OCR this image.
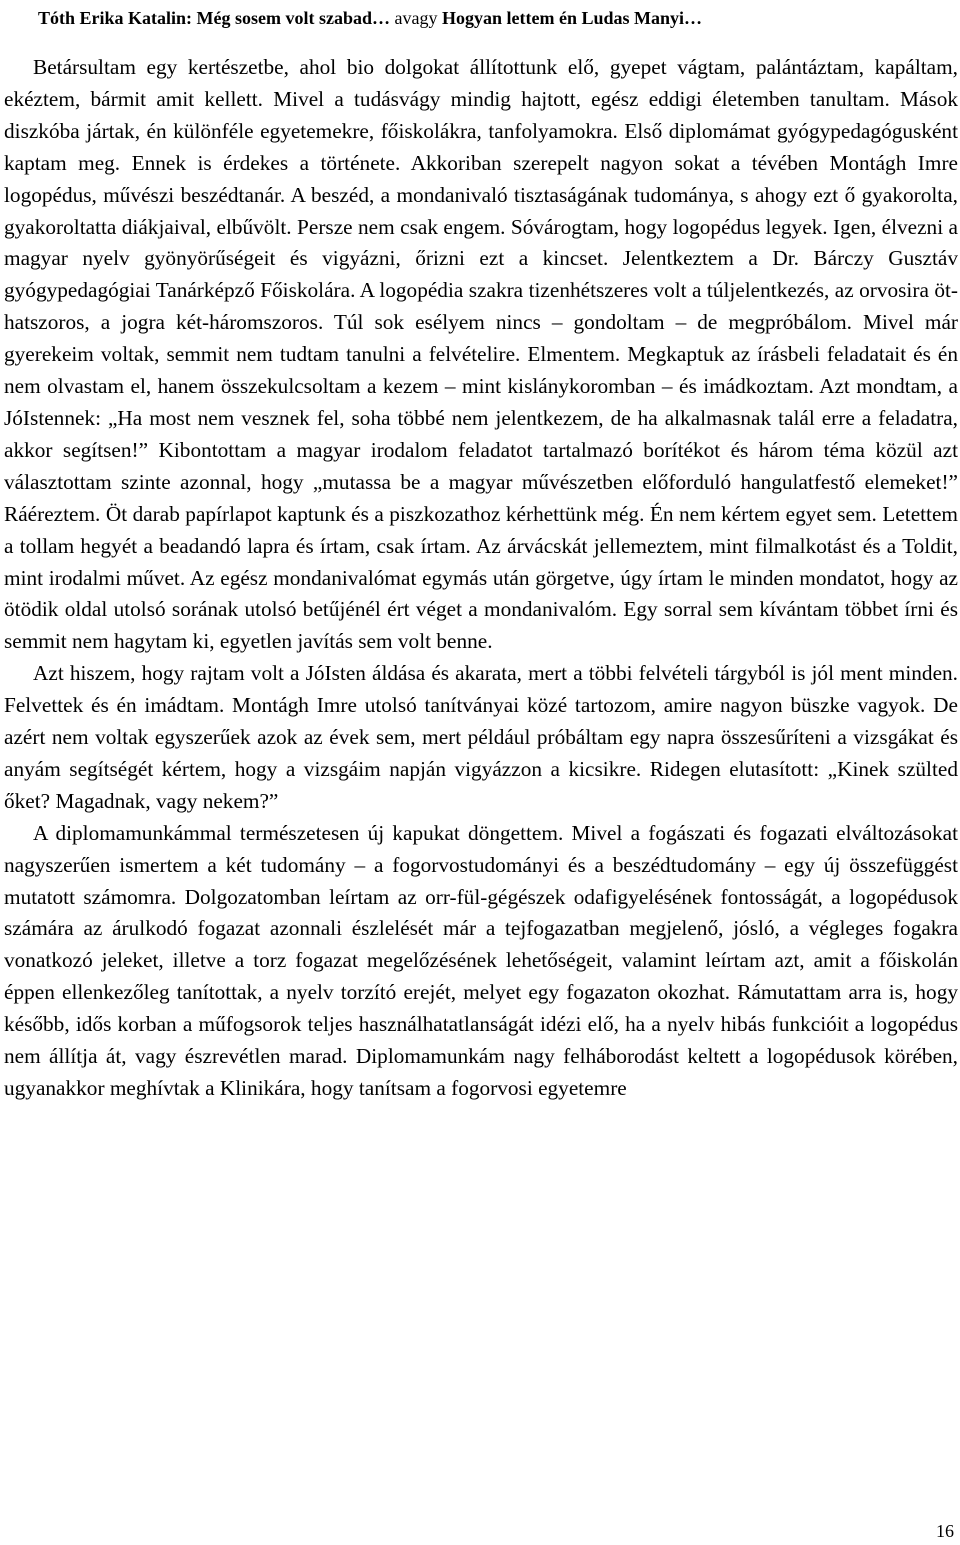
Tóth Erika Katalin: Még sosem volt szabad… avagy Hogyan lettem én Ludas Manyi…

Betársultam egy kertészetbe, ahol bio dolgokat állítottunk elő, gyepet vágtam, palántáztam, kapáltam, ekéztem, bármit amit kellett. Mivel a tudásvágy mindig hajtott, egész eddigi életemben tanultam. Mások diszkóba jártak, én különféle egyetemekre, főiskolákra, tanfolyamokra. Első diplomámat gyógypedagógusként kaptam meg. Ennek is érdekes a története. Akkoriban szerepelt nagyon sokat a tévében Montágh Imre logopédus, művészi beszédtanár. A beszéd, a mondanivaló tisztaságának tudománya, s ahogy ezt ő gyakorolta, gyakoroltatta diákjaival, elbűvölt. Persze nem csak engem. Sóvárogtam, hogy logopédus legyek. Igen, élvezni a magyar nyelv gyönyörűségeit és vigyázni, őrizni ezt a kincset. Jelentkeztem a Dr. Bárczy Gusztáv gyógypedagógiai Tanárképző Főiskolára. A logopédia szakra tizenhétszeres volt a túljelentkezés, az orvosira öt-hatszoros, a jogra két-háromszoros. Túl sok esélyem nincs – gondoltam – de megpróbálom. Mivel már gyerekeim voltak, semmit nem tudtam tanulni a felvételire. Elmentem. Megkaptuk az írásbeli feladatait és én nem olvastam el, hanem összekulcsoltam a kezem – mint kislánykoromban – és imádkoztam. Azt mondtam, a JóIstennek: „Ha most nem vesznek fel, soha többé nem jelentkezem, de ha alkalmasnak talál erre a feladatra, akkor segítsen!” Kibontottam a magyar irodalom feladatot tartalmazó borítékot és három téma közül azt választottam szinte azonnal, hogy „mutassa be a magyar művészetben előforduló hangulatfestő elemeket!” Ráéreztem. Öt darab papírlapot kaptunk és a piszkozathoz kérhettünk még. Én nem kértem egyet sem. Letettem a tollam hegyét a beadandó lapra és írtam, csak írtam. Az árvácskát jellemeztem, mint filmalkotást és a Toldit, mint irodalmi művet. Az egész mondanivalómat egymás után görgetve, úgy írtam le minden mondatot, hogy az ötödik oldal utolsó sorának utolsó betűjénél ért véget a mondanivalóm. Egy sorral sem kívántam többet írni és semmit nem hagytam ki, egyetlen javítás sem volt benne.

Azt hiszem, hogy rajtam volt a JóIsten áldása és akarata, mert a többi felvételi tárgyból is jól ment minden. Felvettek és én imádtam. Montágh Imre utolsó tanítványai közé tartozom, amire nagyon büszke vagyok. De azért nem voltak egyszerűek azok az évek sem, mert például próbáltam egy napra összesűríteni a vizsgákat és anyám segítségét kértem, hogy a vizsgáim napján vigyázzon a kicsikre. Ridegen elutasított: „Kinek szülted őket? Magadnak, vagy nekem?”

A diplomamunkámmal természetesen új kapukat döngettem. Mivel a fogászati és fogazati elváltozásokat nagyszerűen ismertem a két tudomány – a fogorvostudományi és a beszédtudomány – egy új összefüggést mutatott számomra. Dolgozatomban leírtam az orr-fül-gégészek odafigyelésének fontosságát, a logopédusok számára az árulkodó fogazat azonnali észlelését már a tejfogazatban megjelenő, jósló, a végleges fogakra vonatkozó jeleket, illetve a torz fogazat megelőzésének lehetőségeit, valamint leírtam azt, amit a főiskolán éppen ellenkezőleg tanítottak, a nyelv torzító erejét, melyet egy fogazaton okozhat. Rámutattam arra is, hogy később, idős korban a műfogsorok teljes használhatatlanságát idézi elő, ha a nyelv hibás funkcióit a logopédus nem állítja át, vagy észrevétlen marad. Diplomamunkám nagy felháborodást keltett a logopédusok körében, ugyanakkor meghívtak a Klinikára, hogy tanítsam a fogorvosi egyetemre

16
